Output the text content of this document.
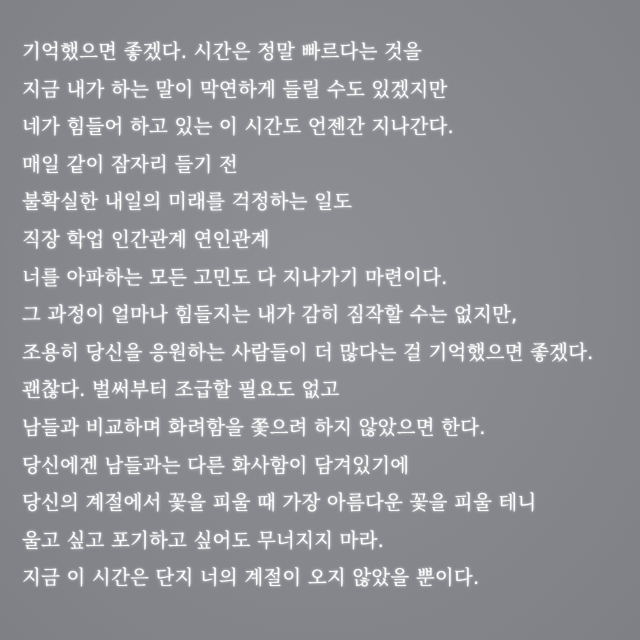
기억했으면 좋겠다. 시간은 정말 빠르다는 것을
지금 내가 하는 말이 막연하게 들릴 수도 있겠지만
네가 힘들어 하고 있는 이 시간도 언젠간 지나간다.
매일 같이 잠자리 들기 전
불확실한 내일의 미래를 걱정하는 일도
직장 학업 인간관계 연인관계
너를 아파하는 모든 고민도 다 지나가기 마련이다.
그 과정이 얼마나 힘들지는 내가 감히 짐작할 수는 없지만,
조용히 당신을 응원하는 사람들이 더 많다는 걸 기억했으면 좋겠다.
괜찮다. 벌써부터 조급할 필요도 없고
남들과 비교하며 화려함을 쫓으려 하지 않았으면 한다.
당신에겐 남들과는 다른 화사함이 담겨있기에
당신의 계절에서 꽃을 피울 때 가장 아름다운 꽃을 피울 테니
울고 싶고 포기하고 싶어도 무너지지 마라.
지금 이 시간은 단지 너의 계절이 오지 않았을 뿐이다.
